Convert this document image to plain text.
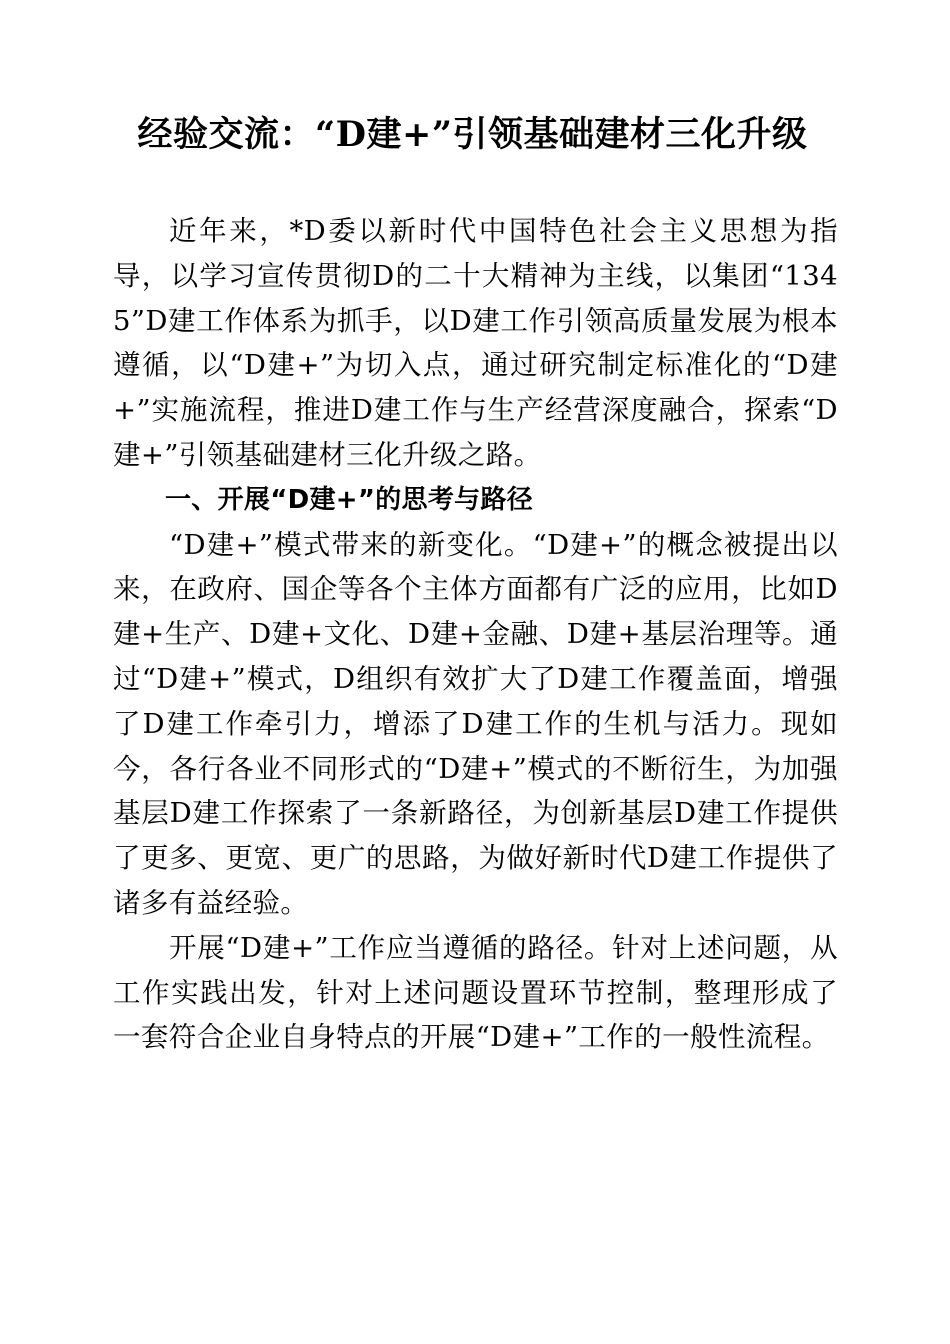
经验交流：“D建+”引领基础建材三化升级

近年来，*D委以新时代中国特色社会主义思想为指导，以学习宣传贯彻D的二十大精神为主线，以集团“1345”D建工作体系为抓手，以D建工作引领高质量发展为根本遵循，以“D建+”为切入点，通过研究制定标准化的“D建+”实施流程，推进D建工作与生产经营深度融合，探索“D建+”引领基础建材三化升级之路。

一、开展“D建+”的思考与路径

“D建+”模式带来的新变化。“D建+”的概念被提出以来，在政府、国企等各个主体方面都有广泛的应用，比如D建+生产、D建+文化、D建+金融、D建+基层治理等。通过“D建+”模式，D组织有效扩大了D建工作覆盖面，增强了D建工作牵引力，增添了D建工作的生机与活力。现如今，各行各业不同形式的“D建+”模式的不断衍生，为加强基层D建工作探索了一条新路径，为创新基层D建工作提供了更多、更宽、更广的思路，为做好新时代D建工作提供了诸多有益经验。

开展“D建+”工作应当遵循的路径。针对上述问题，从工作实践出发，针对上述问题设置环节控制，整理形成了一套符合企业自身特点的开展“D建+”工作的一般性流程。
